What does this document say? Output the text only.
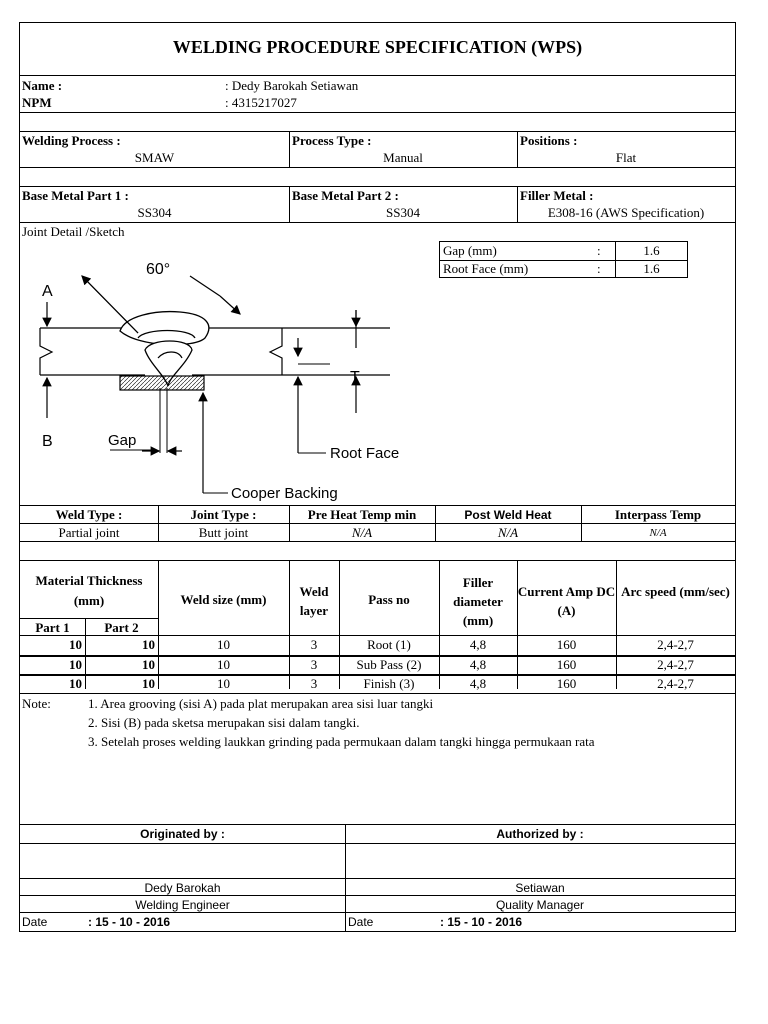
WELDING PROCEDURE SPECIFICATION (WPS)
Name :	: Dedy Barokah Setiawan
NPM	: 4315217027
Welding Process :
SMAW
Process Type :
Manual
Positions :
Flat
Base Metal Part 1 :
SS304
Base Metal Part 2 :
SS304
Filler Metal :
E308-16 (AWS Specification)
Joint Detail /Sketch
Gap (mm)	:	1.6
Root Face (mm)	:	1.6
60°
A
B
T
Root Face
Gap
Cooper Backing
Weld Type :	Joint Type :	Pre Heat Temp min	Post Weld Heat	Interpass Temp
Partial joint	Butt joint	N/A	N/A	N/A
Material Thickness (mm)
Part 1	Part 2
Weld size (mm)
Weld layer
Pass no
Filler diameter (mm)
Current Amp DC (A)
Arc speed (mm/sec)
10	10	10	3	Root (1)	4,8	160	2,4-2,7
10	10	10	3	Sub Pass (2)	4,8	160	2,4-2,7
10	10	10	3	Finish (3)	4,8	160	2,4-2,7
Note:	1. Area grooving (sisi A) pada plat merupakan area sisi luar tangki
2. Sisi (B) pada sketsa merupakan sisi dalam tangki.
3. Setelah proses welding laukkan grinding pada permukaan dalam tangki hingga permukaan rata
Originated by :	Authorized by :
Dedy Barokah	Setiawan
Welding Engineer	Quality Manager
Date	: 15 - 10 - 2016	Date	: 15 - 10 - 2016
